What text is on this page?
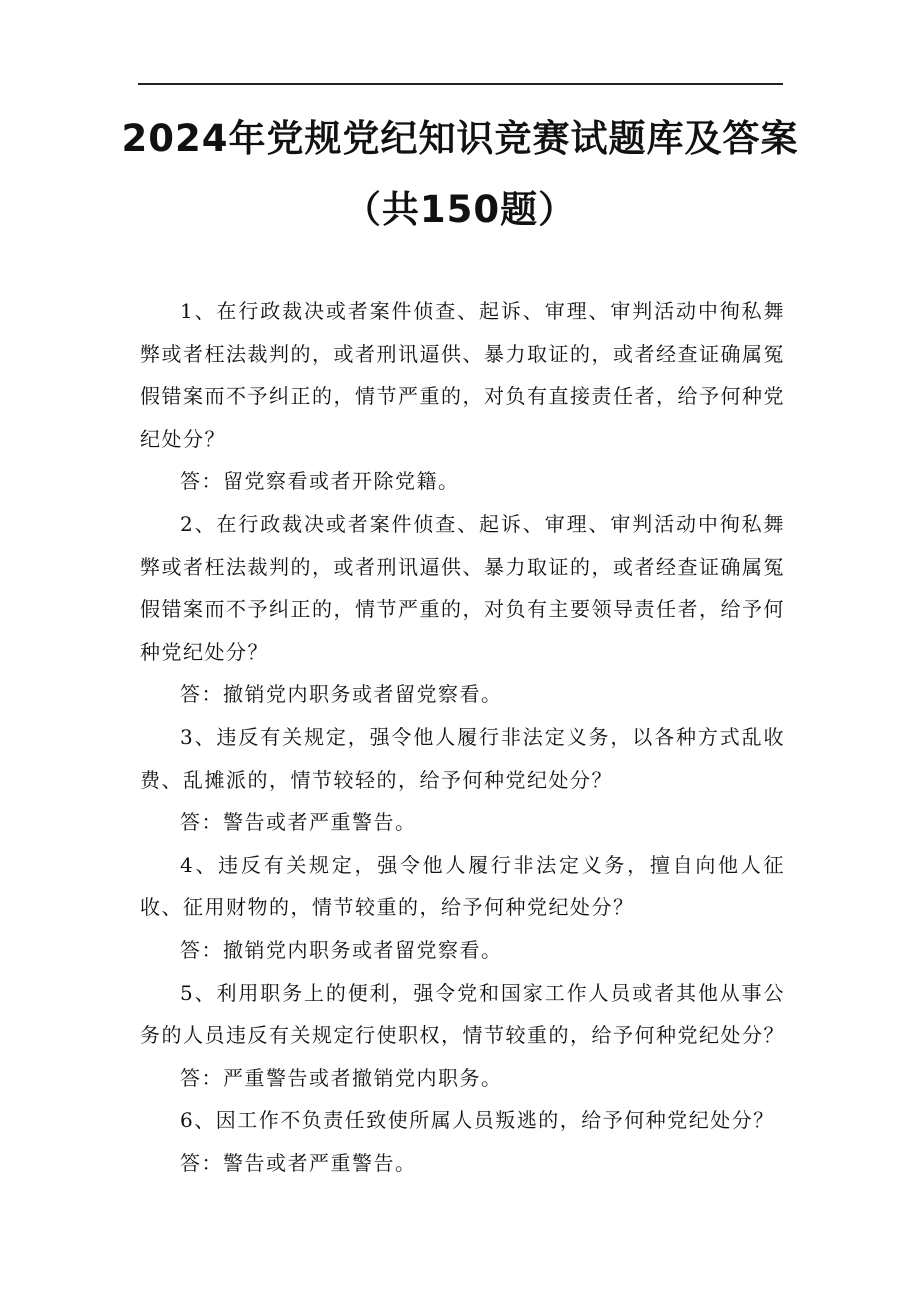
2024年党规党纪知识竞赛试题库及答案
（共150题）

1、在行政裁决或者案件侦查、起诉、审理、审判活动中徇私舞弊或者枉法裁判的，或者刑讯逼供、暴力取证的，或者经查证确属冤假错案而不予纠正的，情节严重的，对负有直接责任者，给予何种党纪处分？

答：留党察看或者开除党籍。

2、在行政裁决或者案件侦查、起诉、审理、审判活动中徇私舞弊或者枉法裁判的，或者刑讯逼供、暴力取证的，或者经查证确属冤假错案而不予纠正的，情节严重的，对负有主要领导责任者，给予何种党纪处分？

答：撤销党内职务或者留党察看。

3、违反有关规定，强令他人履行非法定义务，以各种方式乱收费、乱摊派的，情节较轻的，给予何种党纪处分？

答：警告或者严重警告。

4、违反有关规定，强令他人履行非法定义务，擅自向他人征收、征用财物的，情节较重的，给予何种党纪处分？

答：撤销党内职务或者留党察看。

5、利用职务上的便利，强令党和国家工作人员或者其他从事公务的人员违反有关规定行使职权，情节较重的，给予何种党纪处分？

答：严重警告或者撤销党内职务。

6、因工作不负责任致使所属人员叛逃的，给予何种党纪处分？

答：警告或者严重警告。
